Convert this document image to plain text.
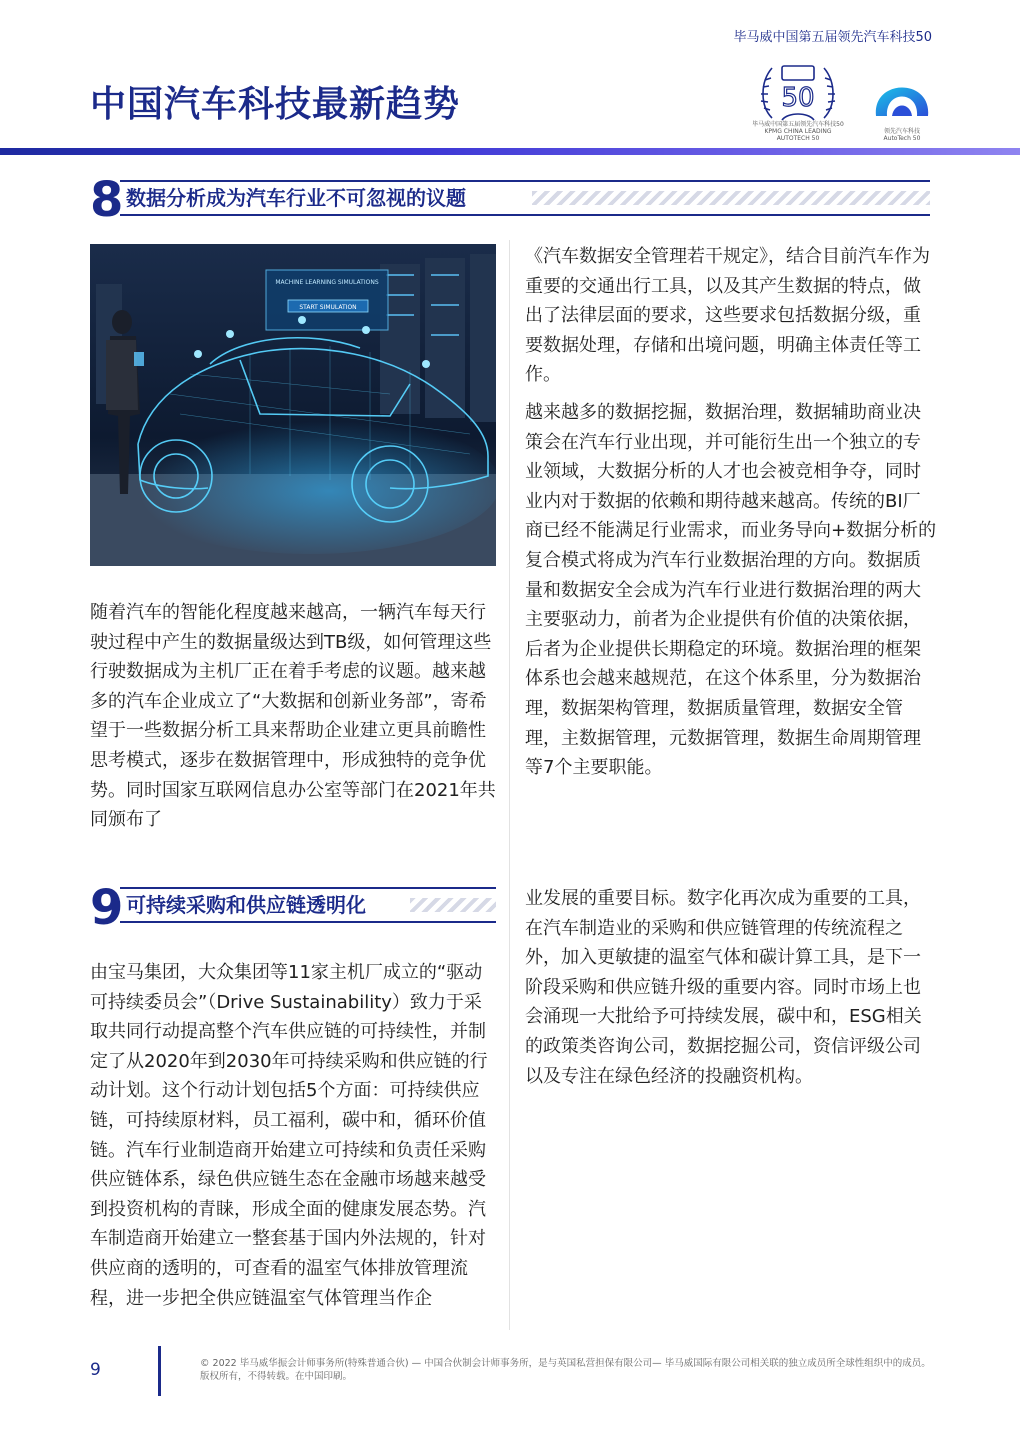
毕马威中国第五届领先汽车科技50
中国汽车科技最新趋势	50
毕马威中国第五届领先汽车科技50
KPMG CHINA LEADING AUTOTECH 50
领先汽车科技
AutoTech 50
8 数据分析成为汽车行业不可忽视的议题
MACHINE LEARNING SIMULATIONS
START SIMULATION

随着汽车的智能化程度越来越高，一辆汽车每天行驶过程中产生的数据量级达到TB级，如何管理这些行驶数据成为主机厂正在着手考虑的议题。越来越多的汽车企业成立了“大数据和创新业务部”，寄希望于一些数据分析工具来帮助企业建立更具前瞻性思考模式，逐步在数据管理中，形成独特的竞争优势。同时国家互联网信息办公室等部门在2021年共同颁布了

《汽车数据安全管理若干规定》，结合目前汽车作为重要的交通出行工具，以及其产生数据的特点，做出了法律层面的要求，这些要求包括数据分级，重要数据处理，存储和出境问题，明确主体责任等工作。

越来越多的数据挖掘，数据治理，数据辅助商业决策会在汽车行业出现，并可能衍生出一个独立的专业领域，大数据分析的人才也会被竞相争夺，同时业内对于数据的依赖和期待越来越高。传统的BI厂商已经不能满足行业需求，而业务导向+数据分析的复合模式将成为汽车行业数据治理的方向。数据质量和数据安全会成为汽车行业进行数据治理的两大主要驱动力，前者为企业提供有价值的决策依据，后者为企业提供长期稳定的环境。数据治理的框架体系也会越来越规范，在这个体系里，分为数据治理，数据架构管理，数据质量管理，数据安全管理，主数据管理，元数据管理，数据生命周期管理等7个主要职能。

9 可持续采购和供应链透明化

由宝马集团，大众集团等11家主机厂成立的“驱动可持续委员会”（Drive Sustainability）致力于采取共同行动提高整个汽车供应链的可持续性，并制定了从2020年到2030年可持续采购和供应链的行动计划。这个行动计划包括5个方面：可持续供应链，可持续原材料，员工福利，碳中和，循环价值链。汽车行业制造商开始建立可持续和负责任采购供应链体系，绿色供应链生态在金融市场越来越受到投资机构的青睐，形成全面的健康发展态势。汽车制造商开始建立一整套基于国内外法规的，针对供应商的透明的，可查看的温室气体排放管理流程，进一步把全供应链温室气体管理当作企

业发展的重要目标。数字化再次成为重要的工具，在汽车制造业的采购和供应链管理的传统流程之外，加入更敏捷的温室气体和碳计算工具，是下一阶段采购和供应链升级的重要内容。同时市场上也会涌现一大批给予可持续发展，碳中和，ESG相关的政策类咨询公司，数据挖掘公司，资信评级公司以及专注在绿色经济的投融资机构。

9	© 2022 毕马威华振会计师事务所(特殊普通合伙) — 中国合伙制会计师事务所，是与英国私营担保有限公司— 毕马威国际有限公司相关联的独立成员所全球性组织中的成员。版权所有，不得转载。在中国印刷。
